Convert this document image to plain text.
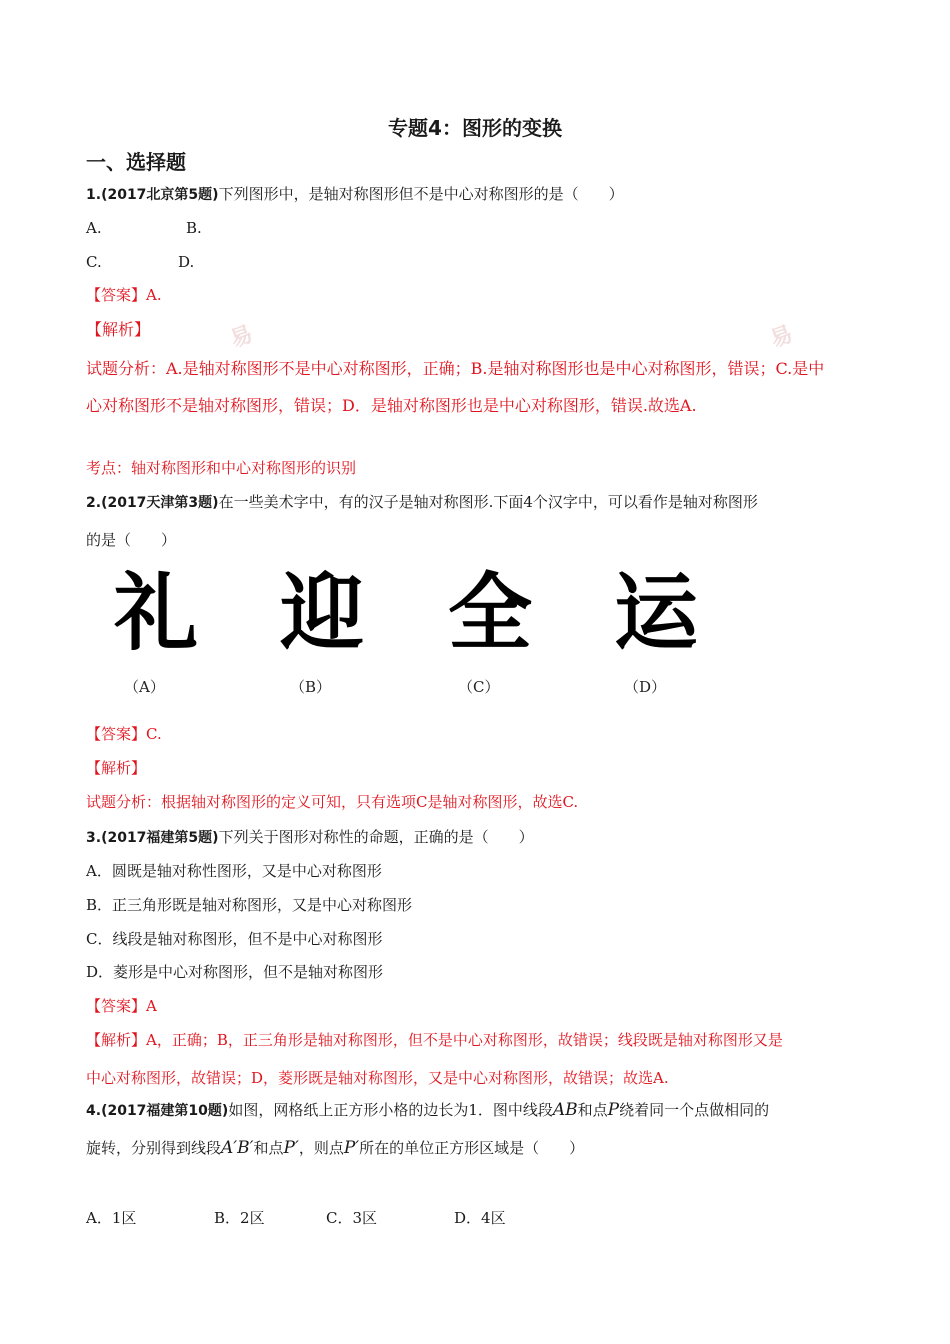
易	易
专题4：图形的变换
一、选择题
1.(2017北京第5题)下列图形中，是轴对称图形但不是中心对称图形的是（　　）
A.	B.
C.	D.
【答案】A.
【解析】
试题分析：A.是轴对称图形不是中心对称图形，正确；B.是轴对称图形也是中心对称图形，错误；C.是中
心对称图形不是轴对称图形，错误；D．是轴对称图形也是中心对称图形，错误.故选A.
考点：轴对称图形和中心对称图形的识别
2.(2017天津第3题)在一些美术字中，有的汉子是轴对称图形.下面4个汉字中，可以看作是轴对称图形
的是（　　）
礼 迎 全 运
（A）	（B）	（C）	（D）
【答案】C.
【解析】
试题分析：根据轴对称图形的定义可知，只有选项C是轴对称图形，故选C.
3.(2017福建第5题)下列关于图形对称性的命题，正确的是（　　）
A．圆既是轴对称性图形，又是中心对称图形
B．正三角形既是轴对称图形，又是中心对称图形
C．线段是轴对称图形，但不是中心对称图形
D．菱形是中心对称图形，但不是轴对称图形
【答案】A
【解析】A，正确；B，正三角形是轴对称图形，但不是中心对称图形，故错误；线段既是轴对称图形又是
中心对称图形，故错误；D，菱形既是轴对称图形，又是中心对称图形，故错误；故选A.
4.(2017福建第10题)如图，网格纸上正方形小格的边长为1．图中线段AB和点P绕着同一个点做相同的
旋转，分别得到线段A′B′和点P′，则点P′所在的单位正方形区域是（　　）
A．1区	B．2区	C．3区	D．4区
